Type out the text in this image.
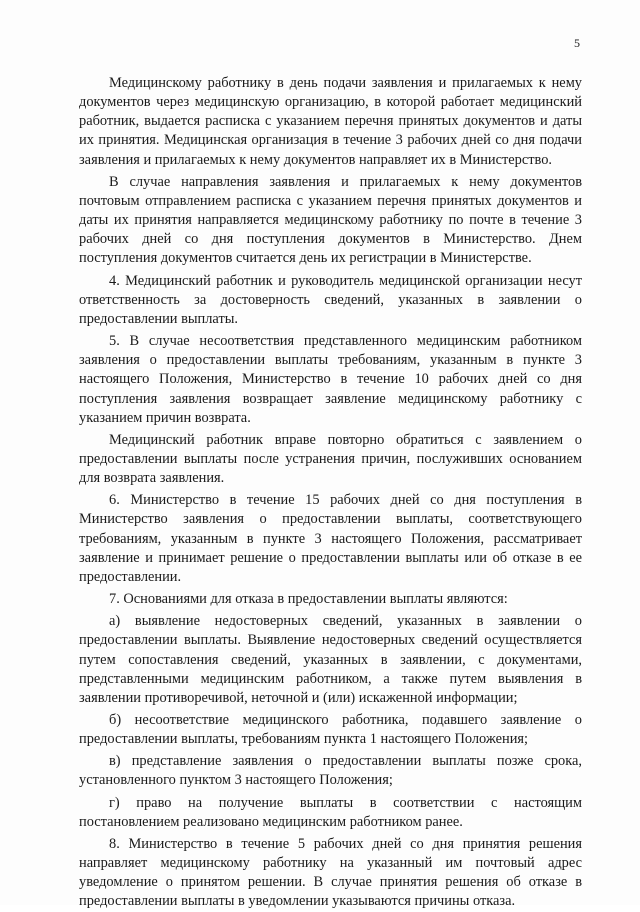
5

Медицинскому работнику в день подачи заявления и прилагаемых к нему документов через медицинскую организацию, в которой работает медицинский работник, выдается расписка с указанием перечня принятых документов и даты их принятия. Медицинская организация в течение 3 рабочих дней со дня подачи заявления и прилагаемых к нему документов направляет их в Министерство.

В случае направления заявления и прилагаемых к нему документов почтовым отправлением расписка с указанием перечня принятых документов и даты их принятия направляется медицинскому работнику по почте в течение 3 рабочих дней со дня поступления документов в Министерство. Днем поступления документов считается день их регистрации в Министерстве.

4. Медицинский работник и руководитель медицинской организации несут ответственность за достоверность сведений, указанных в заявлении о предоставлении выплаты.

5. В случае несоответствия представленного медицинским работником заявления о предоставлении выплаты требованиям, указанным в пункте 3 настоящего Положения, Министерство в течение 10 рабочих дней со дня поступления заявления возвращает заявление медицинскому работнику с указанием причин возврата.

Медицинский работник вправе повторно обратиться с заявлением о предоставлении выплаты после устранения причин, послуживших основанием для возврата заявления.

6. Министерство в течение 15 рабочих дней со дня поступления в Министерство заявления о предоставлении выплаты, соответствующего требованиям, указанным в пункте 3 настоящего Положения, рассматривает заявление и принимает решение о предоставлении выплаты или об отказе в ее предоставлении.

7. Основаниями для отказа в предоставлении выплаты являются:

а) выявление недостоверных сведений, указанных в заявлении о предоставлении выплаты. Выявление недостоверных сведений осуществляется путем сопоставления сведений, указанных в заявлении, с документами, представленными медицинским работником, а также путем выявления в заявлении противоречивой, неточной и (или) искаженной информации;

б) несоответствие медицинского работника, подавшего заявление о предоставлении выплаты, требованиям пункта 1 настоящего Положения;

в) представление заявления о предоставлении выплаты позже срока, установленного пунктом 3 настоящего Положения;

г) право на получение выплаты в соответствии с настоящим постановлением реализовано медицинским работником ранее.

8. Министерство в течение 5 рабочих дней со дня принятия решения направляет медицинскому работнику на указанный им почтовый адрес уведомление о принятом решении. В случае принятия решения об отказе в предоставлении выплаты в уведомлении указываются причины отказа.
